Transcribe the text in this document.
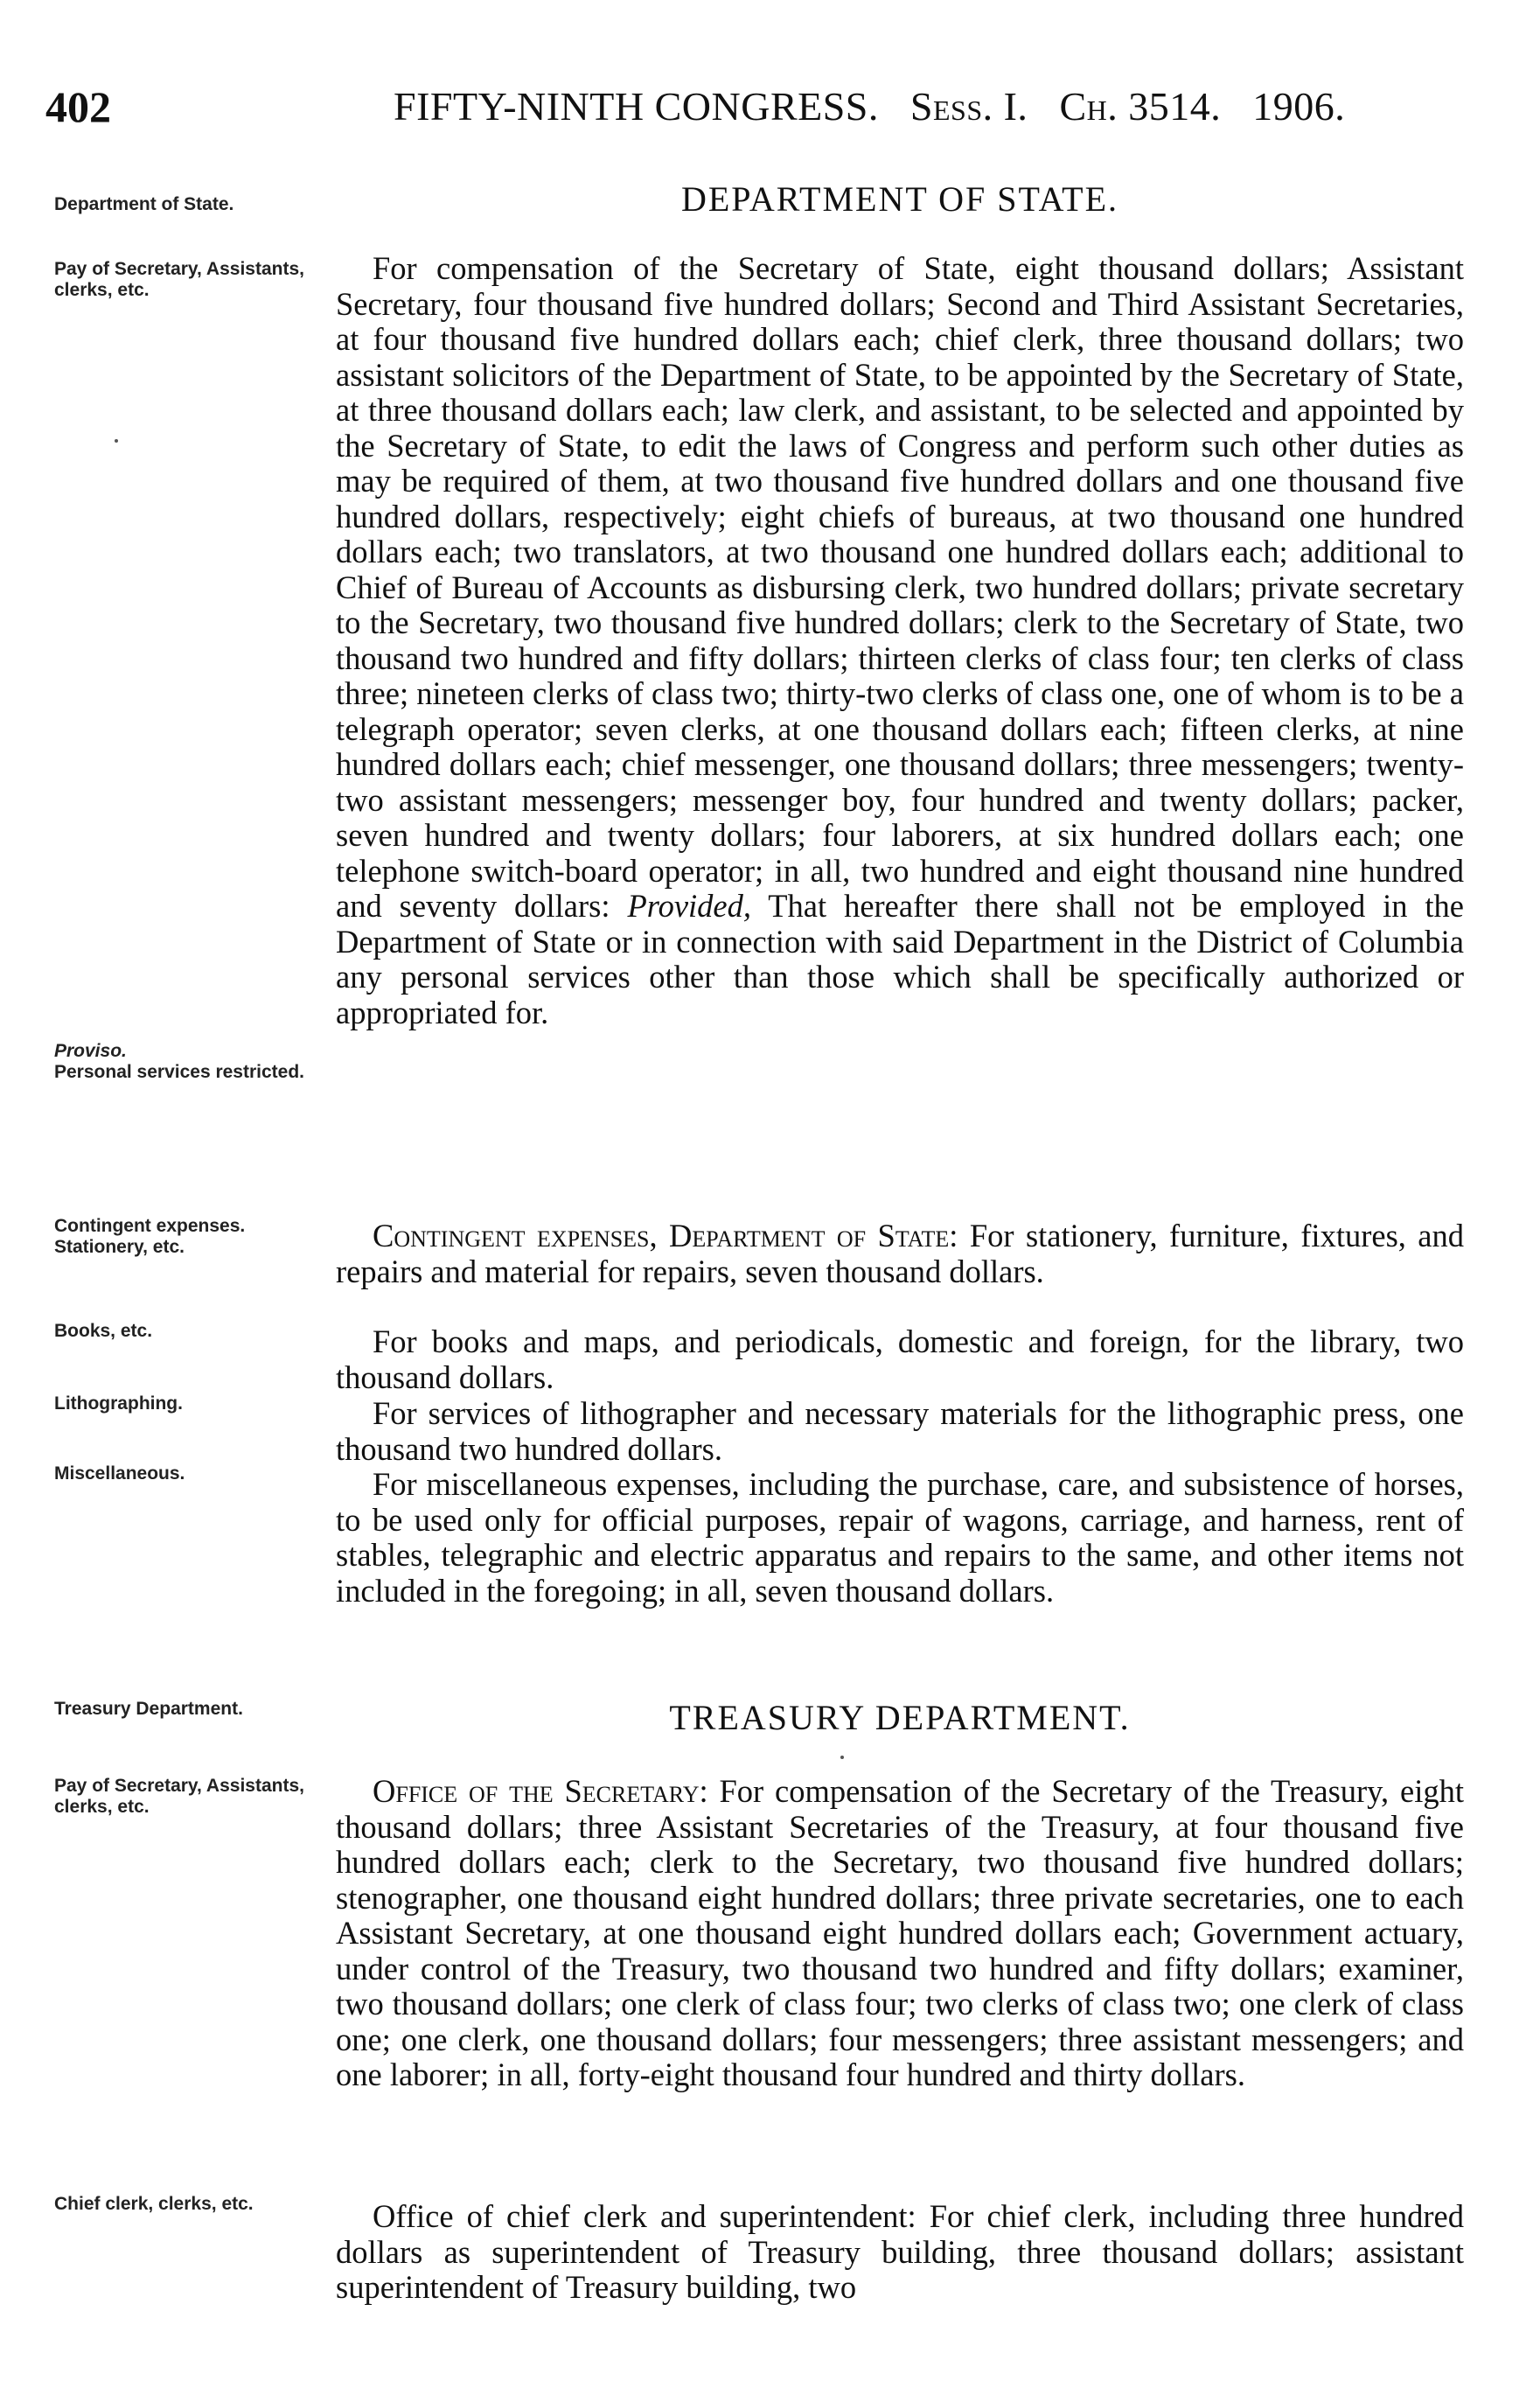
402	FIFTY-NINTH CONGRESS. Sess. I. Ch. 3514. 1906.
Department of State.	DEPARTMENT OF STATE.
Pay of Secretary, Assistants, clerks, etc.
For compensation of the Secretary of State, eight thousand dollars; Assistant Secretary, four thousand five hundred dollars; Second and Third Assistant Secretaries, at four thousand five hundred dollars each; chief clerk, three thousand dollars; two assistant solicitors of the Department of State, to be appointed by the Secretary of State, at three thousand dollars each; law clerk, and assistant, to be selected and appointed by the Secretary of State, to edit the laws of Congress and perform such other duties as may be required of them, at two thousand five hundred dollars and one thousand five hundred dollars, respectively; eight chiefs of bureaus, at two thousand one hundred dollars each; two translators, at two thousand one hundred dollars each; additional to Chief of Bureau of Accounts as disbursing clerk, two hundred dollars; private secretary to the Secretary, two thousand five hundred dollars; clerk to the Secretary of State, two thousand two hundred and fifty dollars; thirteen clerks of class four; ten clerks of class three; nineteen clerks of class two; thirty-two clerks of class one, one of whom is to be a telegraph operator; seven clerks, at one thousand dollars each; fifteen clerks, at nine hundred dollars each; chief messenger, one thousand dollars; three messengers; twenty-two assistant messengers; messenger boy, four hundred and twenty dollars; packer, seven hundred and twenty dollars; four laborers, at six hundred dollars each; one telephone switch-board operator; in all, two hundred and eight thousand nine hundred and seventy dollars: Provided, That hereafter there shall not be employed in the Department of State or in connection with said Department in the District of Columbia any personal services other than those which shall be specifically authorized or appropriated for.
Proviso.
Personal services restricted.
Contingent expenses.
Stationery, etc.	Contingent expenses, Department of State: For stationery, furniture, fixtures, and repairs and material for repairs, seven thousand dollars.
Books, etc.	For books and maps, and periodicals, domestic and foreign, for the library, two thousand dollars.
Lithographing.	For services of lithographer and necessary materials for the lithographic press, one thousand two hundred dollars.
Miscellaneous.	For miscellaneous expenses, including the purchase, care, and subsistence of horses, to be used only for official purposes, repair of wagons, carriage, and harness, rent of stables, telegraphic and electric apparatus and repairs to the same, and other items not included in the foregoing; in all, seven thousand dollars.
Treasury Department.	TREASURY DEPARTMENT.
Pay of Secretary, Assistants, clerks, etc.	Office of the Secretary: For compensation of the Secretary of the Treasury, eight thousand dollars; three Assistant Secretaries of the Treasury, at four thousand five hundred dollars each; clerk to the Secretary, two thousand five hundred dollars; stenographer, one thousand eight hundred dollars; three private secretaries, one to each Assistant Secretary, at one thousand eight hundred dollars each; Government actuary, under control of the Treasury, two thousand two hundred and fifty dollars; examiner, two thousand dollars; one clerk of class four; two clerks of class two; one clerk of class one; one clerk, one thousand dollars; four messengers; three assistant messengers; and one laborer; in all, forty-eight thousand four hundred and thirty dollars.
Chief clerk, clerks, etc.	Office of chief clerk and superintendent: For chief clerk, including three hundred dollars as superintendent of Treasury building, three thousand dollars; assistant superintendent of Treasury building, two
